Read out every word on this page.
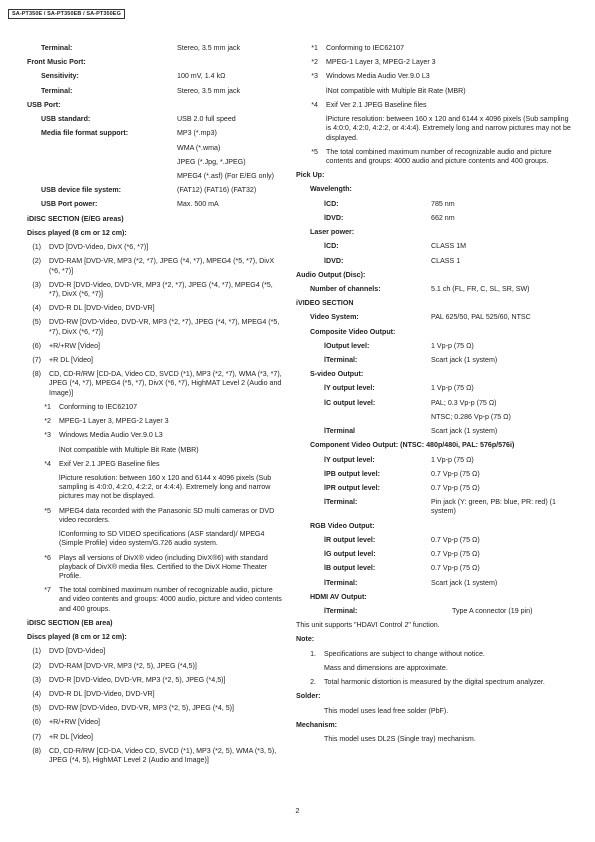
SA-PT350E / SA-PT350EB / SA-PT350EG
Terminal:	Stereo, 3.5 mm jack
Front Music Port:
Sensitivity:	100 mV, 1.4 kΩ
Terminal:	Stereo, 3.5 mm jack
USB Port:
USB standard:	USB 2.0 full speed
Media file format support:	MP3 (*.mp3)
WMA (*.wma)
JPEG (*.Jpg, *.JPEG)
MPEG4 (*.asf) (For E/EG only)
USB device file system:	(FAT12) (FAT16) (FAT32)
USB Port power:	Max. 500 mA
iDISC SECTION (E/EG areas)
Discs played (8 cm or 12 cm):
(1)	DVD [DVD-Video, DivX (*6, *7)]
(2)	DVD-RAM [DVD-VR, MP3 (*2, *7), JPEG (*4, *7), MPEG4 (*5, *7), DivX (*6, *7)]
(3)	DVD-R [DVD-Video, DVD-VR, MP3 (*2, *7), JPEG (*4, *7), MPEG4 (*5, *7), DivX (*6, *7)]
(4)	DVD-R DL [DVD-Video, DVD-VR]
(5)	DVD-RW [DVD-Video, DVD-VR, MP3 (*2, *7), JPEG (*4, *7), MPEG4 (*5, *7), DivX (*6, *7)]
(6)	+R/+RW [Video]
(7)	+R DL [Video]
(8)	CD, CD-R/RW [CD-DA, Video CD, SVCD (*1), MP3 (*2, *7), WMA (*3, *7), JPEG (*4, *7), MPEG4 (*5, *7), DivX (*6, *7), HighMAT Level 2 (Audio and Image)]
*1	Conforming to IEC62107
*2	MPEG-1 Layer 3, MPEG-2 Layer 3
*3	Windows Media Audio Ver.9.0 L3
lNot compatible with Multiple Bit Rate (MBR)
*4	Exif Ver 2.1 JPEG Baseline files
lPicture resolution: between 160 x 120 and 6144 x 4096 pixels (Sub sampling is 4:0:0, 4:2:0, 4:2:2, or 4:4:4). Extremely long and narrow pictures may not be displayed.
*5	MPEG4 data recorded with the Panasonic SD multi cameras or DVD video recorders.
lConforming to SD VIDEO specifications (ASF standard)/ MPEG4 (Simple Profile) video system/G.726 audio system.
*6	Plays all versions of DivX® video (including DivX®6) with standard playback of DivX® media files. Certified to the DivX Home Theater Profile.
*7	The total combined maximum number of recognizable audio, picture and video contents and groups: 4000 audio, picture and video contents and 400 groups.
iDISC SECTION (EB area)
Discs played (8 cm or 12 cm):
(1)	DVD [DVD-Video]
(2)	DVD-RAM [DVD-VR, MP3 (*2, 5), JPEG (*4,5)]
(3)	DVD-R [DVD-Video, DVD-VR, MP3 (*2, 5), JPEG (*4,5)]
(4)	DVD-R DL [DVD-Video, DVD-VR]
(5)	DVD-RW [DVD-Video, DVD-VR, MP3 (*2, 5), JPEG (*4, 5)]
(6)	+R/+RW [Video]
(7)	+R DL [Video]
(8)	CD, CD-R/RW [CD-DA, Video CD, SVCD (*1), MP3 (*2, 5), WMA (*3, 5), JPEG (*4, 5), HighMAT Level 2 (Audio and Image)]
*1	Conforming to IEC62107
*2	MPEG-1 Layer 3, MPEG-2 Layer 3
*3	Windows Media Audio Ver.9.0 L3
lNot compatible with Multiple Bit Rate (MBR)
*4	Exif Ver 2.1 JPEG Baseline files
lPicture resolution: between 160 x 120 and 6144 x 4096 pixels (Sub sampling is 4:0:0, 4:2:0, 4:2:2, or 4:4:4). Extremely long and narrow pictures may not be displayed.
*5	The total combined maximum number of recognizable audio and picture contents and groups: 4000 audio and picture contents and 400 groups.
Pick Up:
Wavelength:
lCD:	785 nm
lDVD:	662 nm
Laser power:
lCD:	CLASS 1M
lDVD:	CLASS 1
Audio Output (Disc):
Number of channels:	5.1 ch (FL, FR, C, SL, SR, SW)
iVIDEO SECTION
Video System:	PAL 625/50, PAL 525/60, NTSC
Composite Video Output:
lOutput level:	1 Vp-p (75 Ω)
lTerminal:	Scart jack (1 system)
S-video Output:
lY output level:	1 Vp-p (75 Ω)
lC output level:	PAL; 0.3 Vp-p (75 Ω)
NTSC; 0.286 Vp-p (75 Ω)
lTerminal	Scart jack (1 system)
Component Video Output: (NTSC: 480p/480i, PAL: 576p/576i)
lY output level:	1 Vp-p (75 Ω)
lPB output level:	0.7 Vp-p (75 Ω)
lPR output level:	0.7 Vp-p (75 Ω)
lTerminal:	Pin jack (Y: green, PB: blue, PR: red) (1 system)
RGB Video Output:
lR output level:	0.7 Vp-p (75 Ω)
lG output level:	0.7 Vp-p (75 Ω)
lB output level:	0.7 Vp-p (75 Ω)
lTerminal:	Scart jack (1 system)
HDMI AV Output:
lTerminal:	Type A connector (19 pin)
This unit supports "HDAVI Control 2" function.
Note:
1.	Specifications are subject to change without notice.
Mass and dimensions are approximate.
2.	Total harmonic distortion is measured by the digital spectrum analyzer.
Solder:
This model uses lead free solder (PbF).
Mechanism:
This model uses DL2S (Single tray) mechanism.
2
